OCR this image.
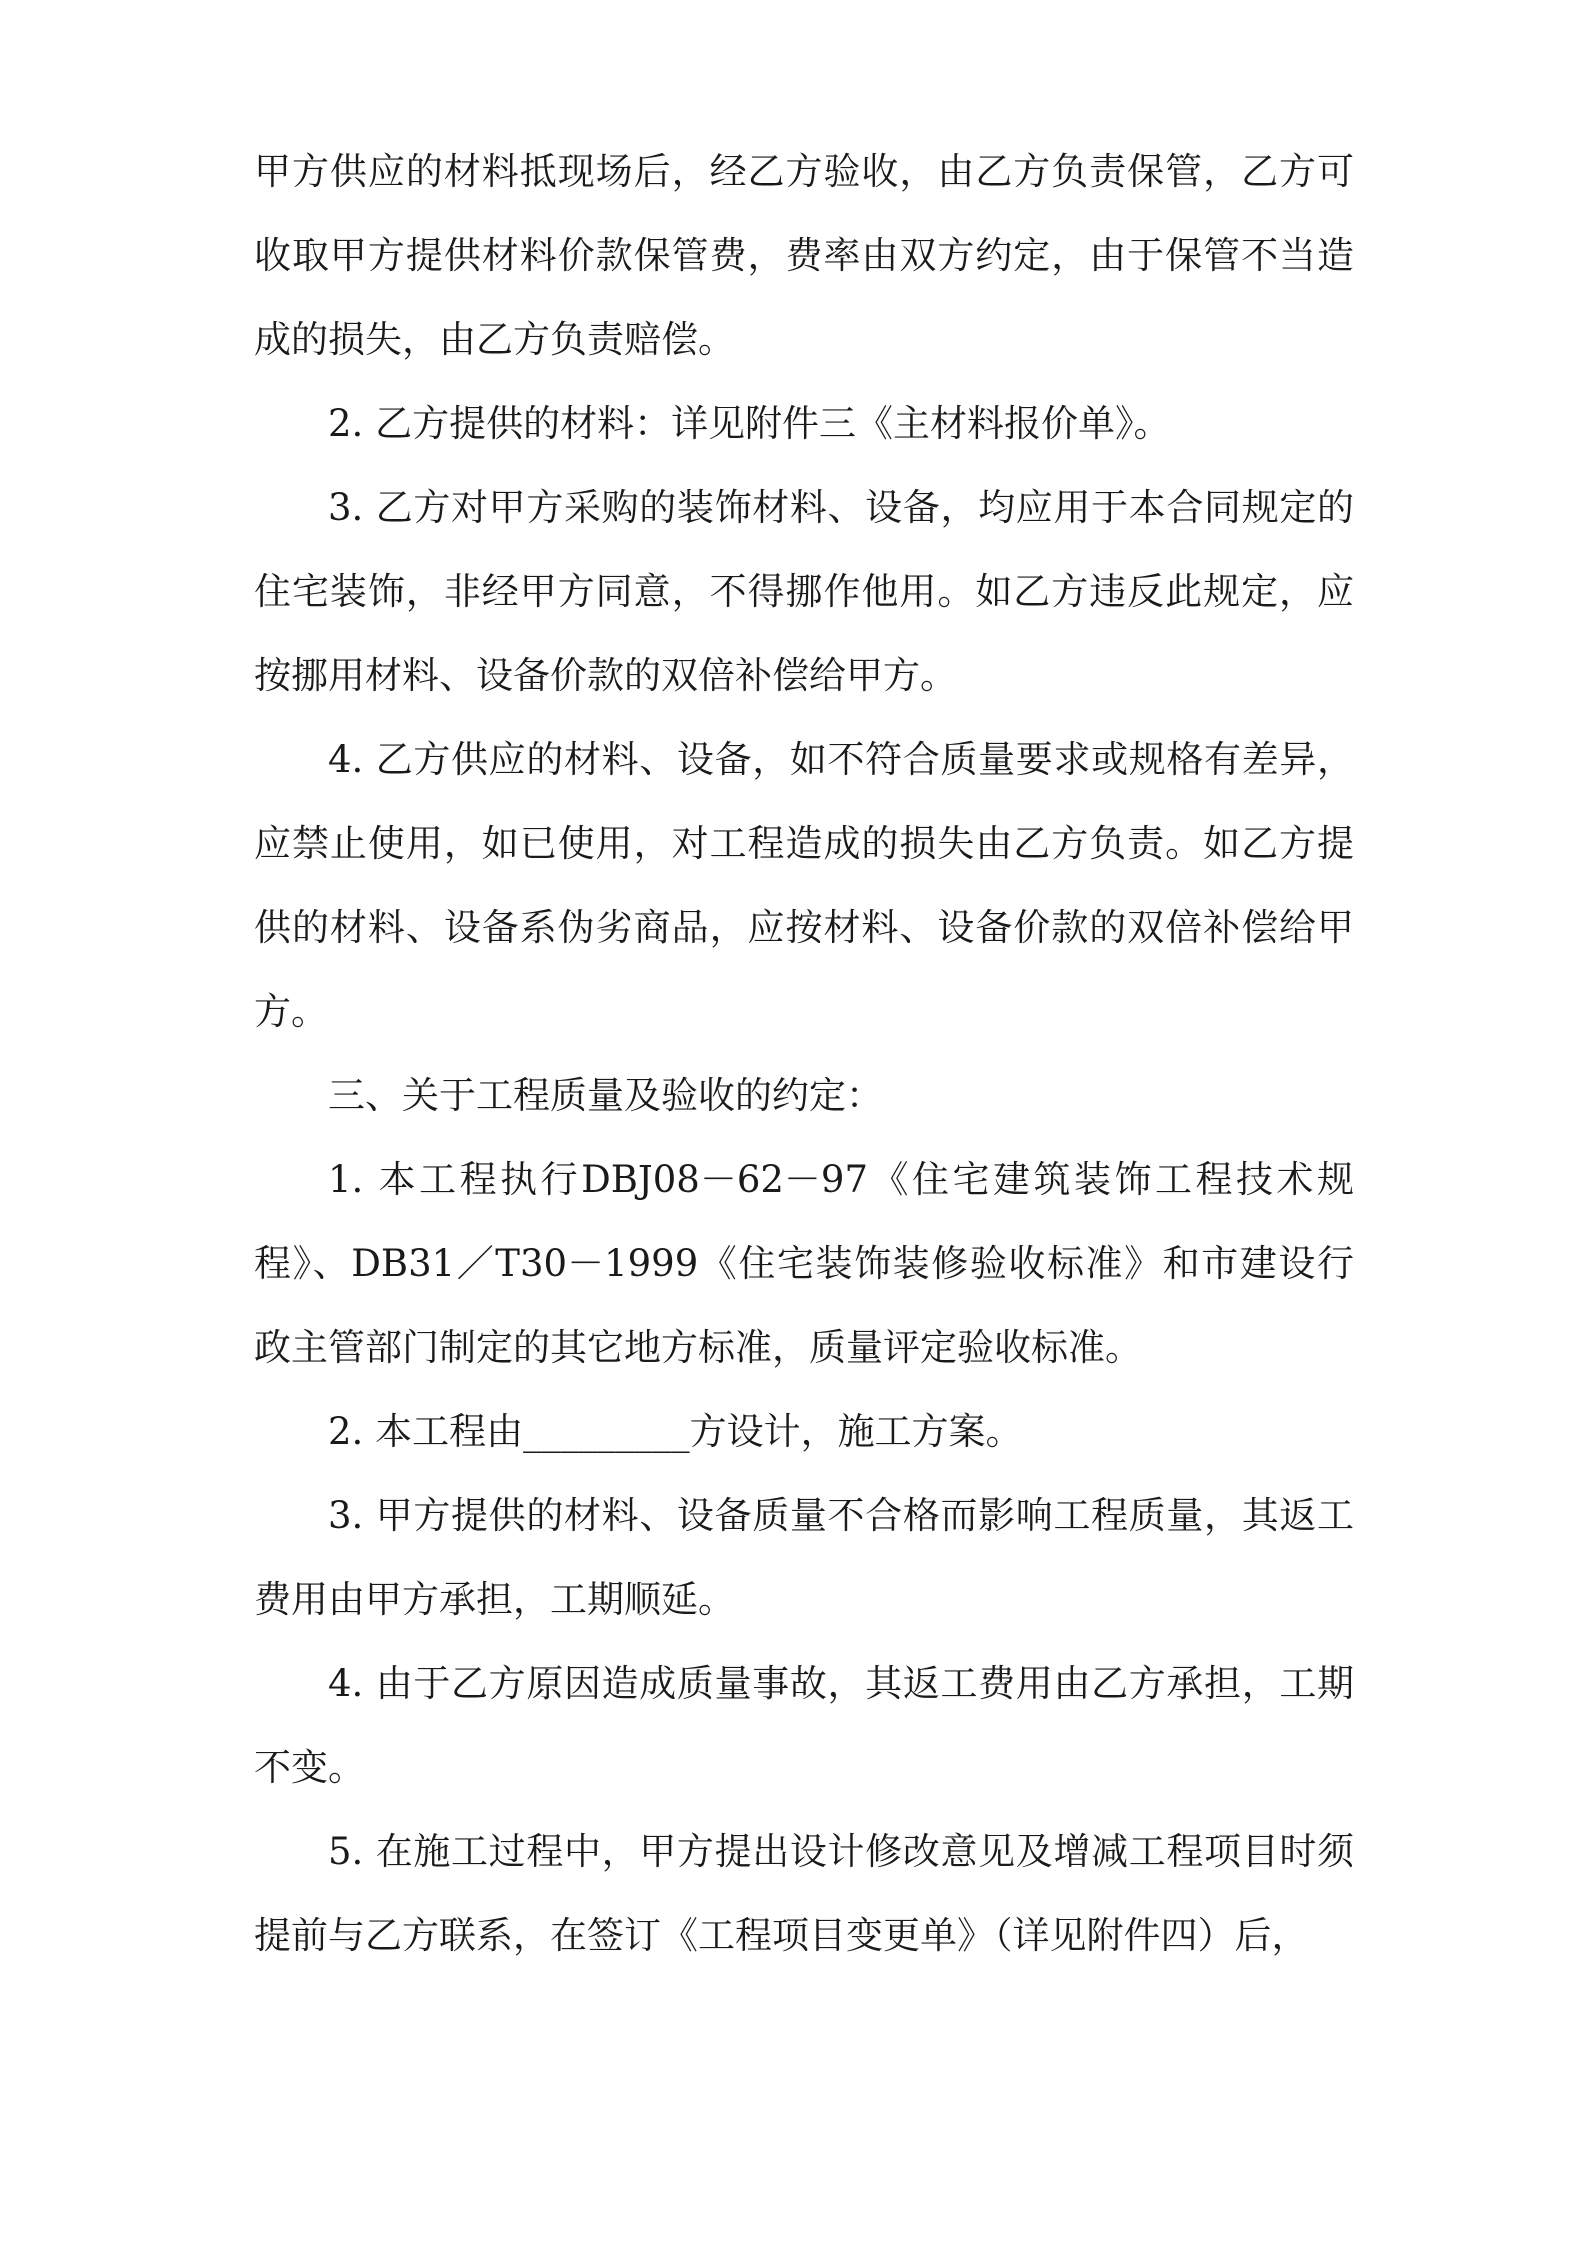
甲方供应的材料抵现场后，经乙方验收，由乙方负责保管，乙方可收取甲方提供材料价款保管费，费率由双方约定，由于保管不当造成的损失，由乙方负责赔偿。

2. 乙方提供的材料：详见附件三《主材料报价单》。

3. 乙方对甲方采购的装饰材料、设备，均应用于本合同规定的住宅装饰，非经甲方同意，不得挪作他用。如乙方违反此规定，应按挪用材料、设备价款的双倍补偿给甲方。

4. 乙方供应的材料、设备，如不符合质量要求或规格有差异，应禁止使用，如已使用，对工程造成的损失由乙方负责。如乙方提供的材料、设备系伪劣商品，应按材料、设备价款的双倍补偿给甲方。

三、关于工程质量及验收的约定：

1. 本工程执行DBJ08－62－97《住宅建筑装饰工程技术规程》、DB31／T30－1999《住宅装饰装修验收标准》和市建设行政主管部门制定的其它地方标准，质量评定验收标准。

2. 本工程由_________方设计，施工方案。

3. 甲方提供的材料、设备质量不合格而影响工程质量，其返工费用由甲方承担，工期顺延。

4. 由于乙方原因造成质量事故，其返工费用由乙方承担，工期不变。

5. 在施工过程中，甲方提出设计修改意见及增减工程项目时须提前与乙方联系，在签订《工程项目变更单》（详见附件四）后，
